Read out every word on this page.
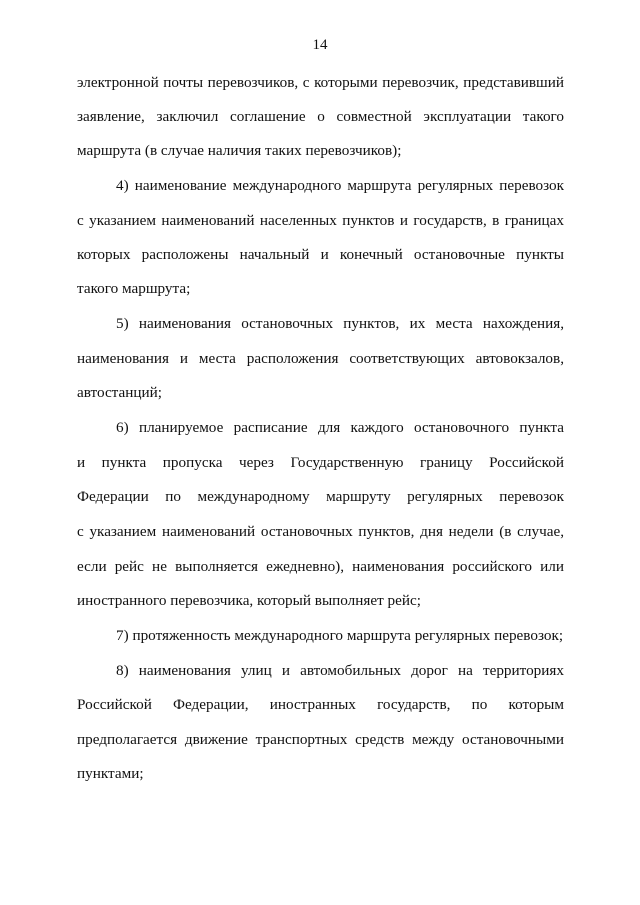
14
электронной почты перевозчиков, с которыми перевозчик, представивший
заявление, заключил соглашение о совместной эксплуатации такого
маршрута (в случае наличия таких перевозчиков);
4) наименование международного маршрута регулярных перевозок
с указанием наименований населенных пунктов и государств, в границах
которых расположены начальный и конечный остановочные пункты
такого маршрута;
5) наименования остановочных пунктов, их места нахождения,
наименования и места расположения соответствующих автовокзалов,
автостанций;
6) планируемое расписание для каждого остановочного пункта
и пункта пропуска через Государственную границу Российской
Федерации по международному маршруту регулярных перевозок
с указанием наименований остановочных пунктов, дня недели (в случае,
если рейс не выполняется ежедневно), наименования российского или
иностранного перевозчика, который выполняет рейс;
7) протяженность международного маршрута регулярных перевозок;
8) наименования улиц и автомобильных дорог на территориях
Российской Федерации, иностранных государств, по которым
предполагается движение транспортных средств между остановочными
пунктами;
